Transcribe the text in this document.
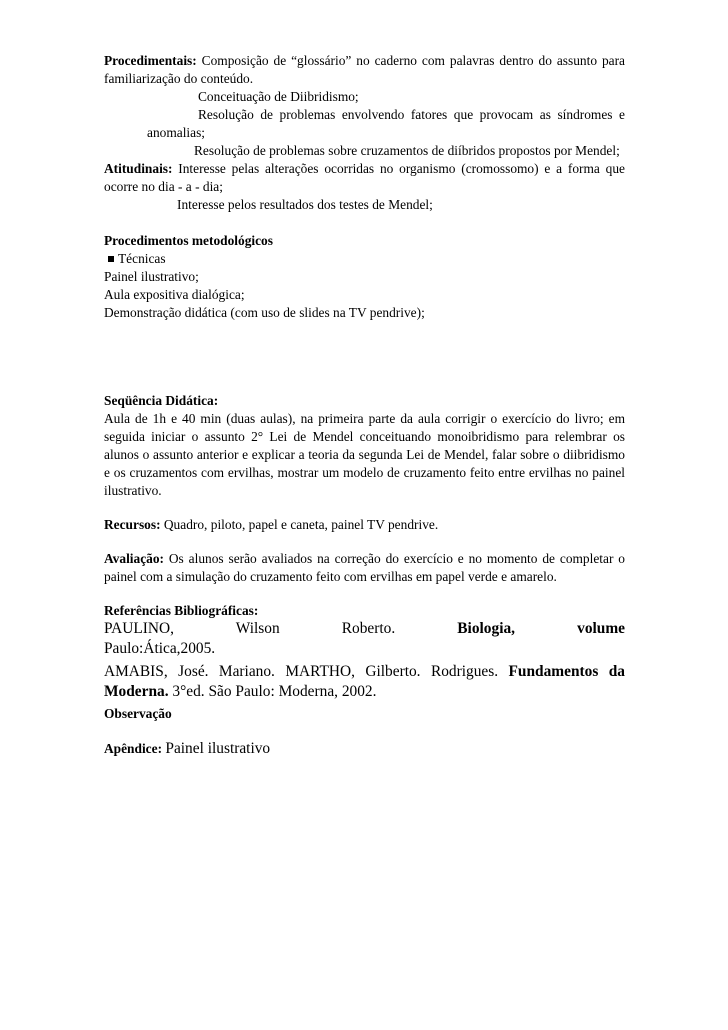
Procedimentais: Composição de “glossário” no caderno com palavras dentro do assunto para
familiarização do conteúdo.
Conceituação de Diibridismo;
Resolução de problemas envolvendo fatores que provocam as síndromes e
anomalias;
Resolução de problemas sobre cruzamentos de diíbridos propostos por Mendel;
Atitudinais: Interesse pelas alterações ocorridas no organismo (cromossomo) e a forma que
ocorre no dia - a - dia;
Interesse pelos resultados dos testes de Mendel;
Procedimentos metodológicos
Técnicas
Painel ilustrativo;
Aula expositiva dialógica;
Demonstração didática (com uso de slides na TV pendrive);
Seqüência Didática:
Aula de 1h e 40 min (duas aulas), na primeira parte da aula corrigir o exercício do livro; em
seguida iniciar o assunto 2° Lei de Mendel conceituando monoibridismo para relembrar os
alunos o assunto anterior e explicar a teoria da segunda Lei de Mendel, falar sobre o diibridismo
e os cruzamentos com ervilhas, mostrar um modelo de cruzamento feito entre ervilhas no painel
ilustrativo.
Recursos: Quadro, piloto, papel e caneta, painel TV pendrive.
Avaliação: Os alunos serão avaliados na correção do exercício e no momento de completar o
painel com a simulação do cruzamento feito com ervilhas em papel verde e amarelo.
Referências Bibliográficas:
PAULINO, Wilson Roberto.	Biologia, volume
Paulo:Ática,2005.
AMABIS, José. Mariano. MARTHO, Gilberto. Rodrigues. Fundamentos da
Moderna. 3°ed. São Paulo: Moderna, 2002.
Observação
Apêndice: Painel ilustrativo
